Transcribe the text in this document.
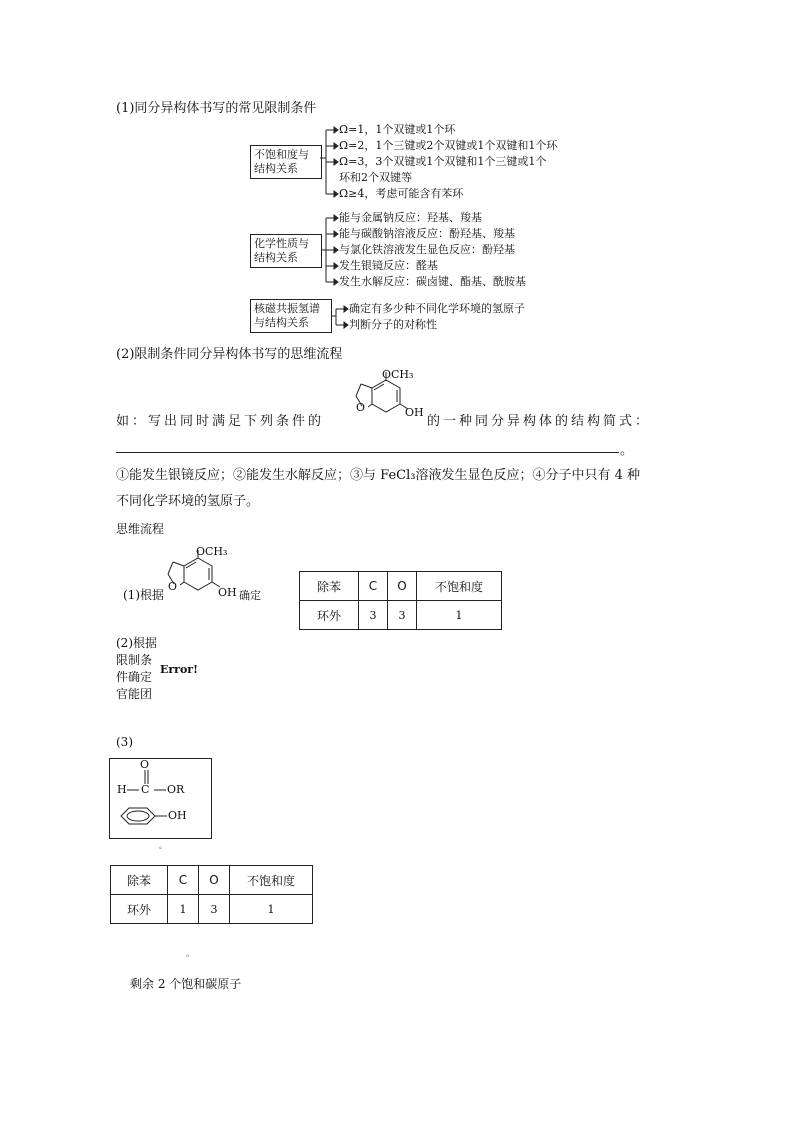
(1)同分异构体书写的常见限制条件
不饱和度与
结构关系
Ω=1，1个双键或1个环
Ω=2，1个三键或2个双键或1个双键和1个环
Ω=3，3个双键或1个双键和1个三键或1个
环和2个双键等
Ω≥4，考虑可能含有苯环
化学性质与
结构关系
能与金属钠反应：羟基、羧基
能与碳酸钠溶液反应：酚羟基、羧基
与氯化铁溶液发生显色反应：酚羟基
发生银镜反应：醛基
发生水解反应：碳卤键、酯基、酰胺基
核磁共振氢谱
与结构关系
确定有多少种不同化学环境的氢原子
判断分子的对称性
(2)限制条件同分异构体书写的思维流程
OCH₃
O	OH
如：写出同时满足下列条件的	的一种同分异构体的结构简式：
。
①能发生银镜反应；②能发生水解反应；③与 FeCl₃溶液发生显色反应；④分子中只有 4 种
不同化学环境的氢原子。
思维流程
OCH₃
O	OH
(1)根据	确定
除苯	C	O	不饱和度
环外	3	3	1
(2)根据
限制条
件确定
官能团
Error!
(3)
O
H C OR
OH
。
除苯	C	O	不饱和度
环外	1	3	1
。
剩余 2 个饱和碳原子
